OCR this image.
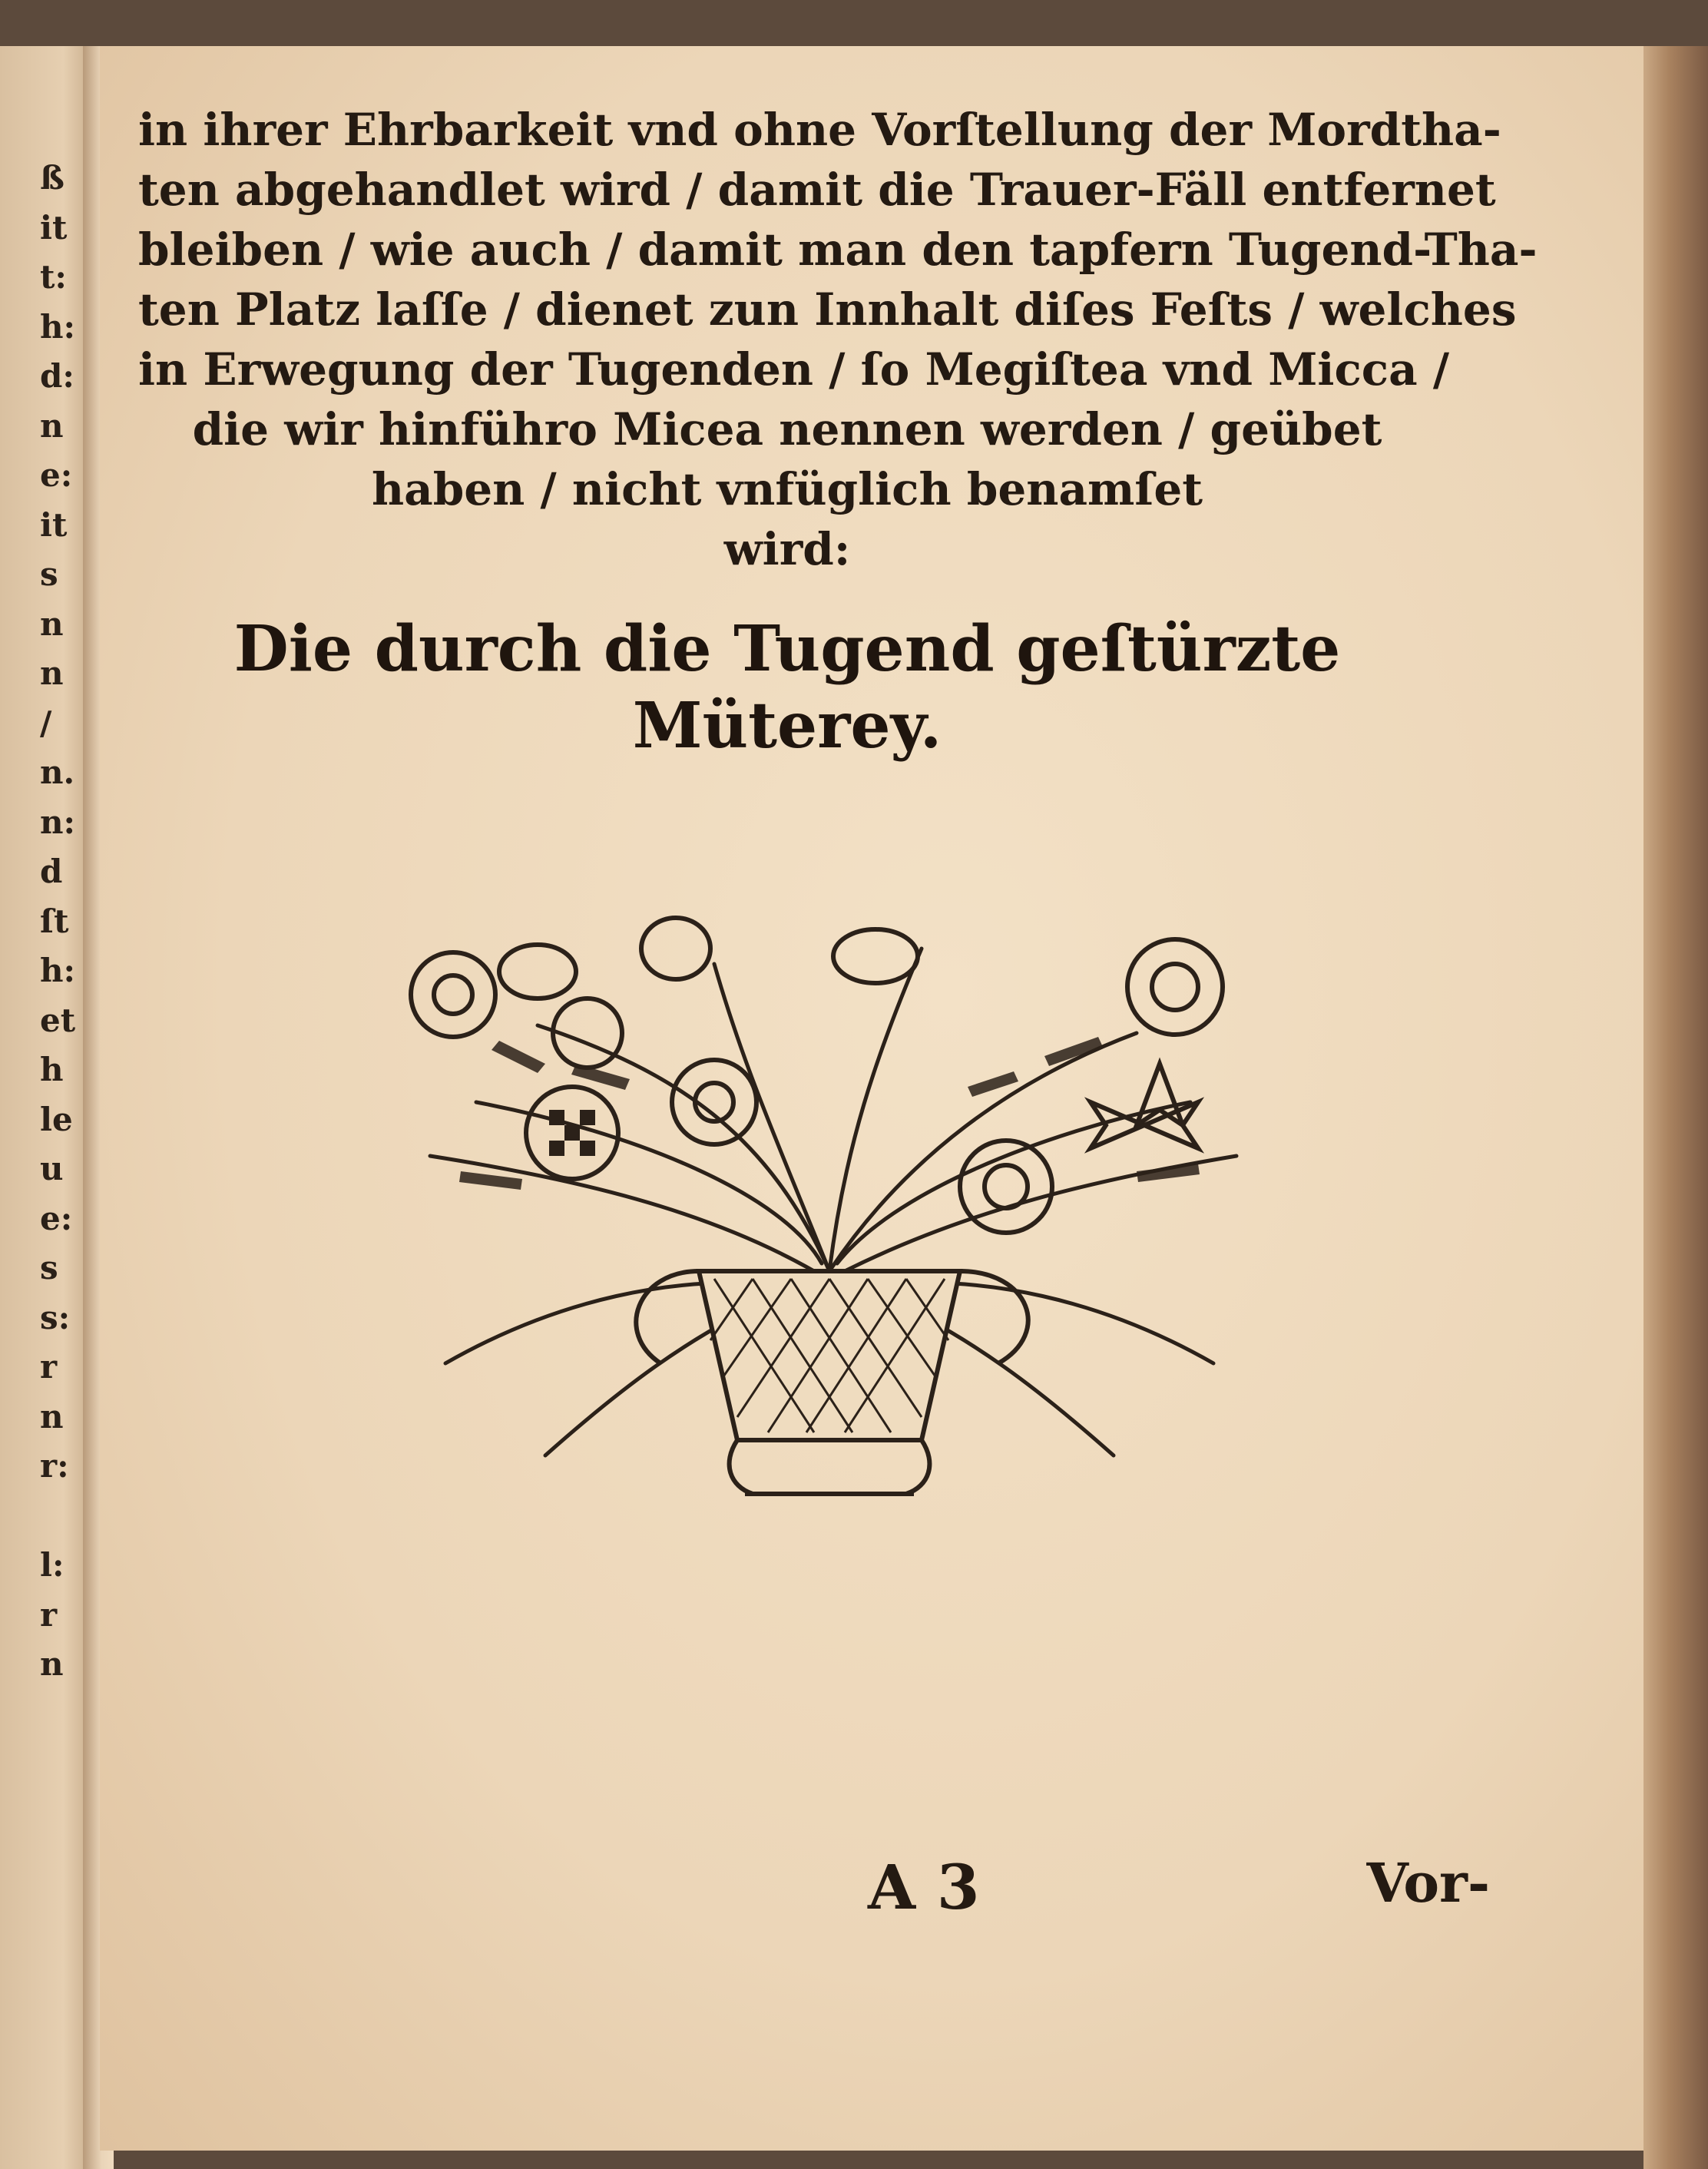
ß
it
t:
h:
d:
n
e:
it
s
n
n
/
n.
n:
d
ſt
h:
et
h
le
u
e:
s
s:
r
n
r:
l:
r
n
in ihrer Ehrbarkeit vnd ohne Vorſtellung der Mordtha-
ten abgehandlet wird / damit die Trauer-Fäll entfernet
bleiben / wie auch / damit man den tapfern Tugend-Tha-
ten Platz laſſe / dienet zun Innhalt diſes Feſts / welches
in Erwegung der Tugenden / ſo Megiſtea vnd Micca /
die wir hinführo Micea nennen werden / geübet
haben / nicht vnfüglich benamſet
wird:
Die durch die Tugend geſtürzte
Müterey.
A 3	Vor-
